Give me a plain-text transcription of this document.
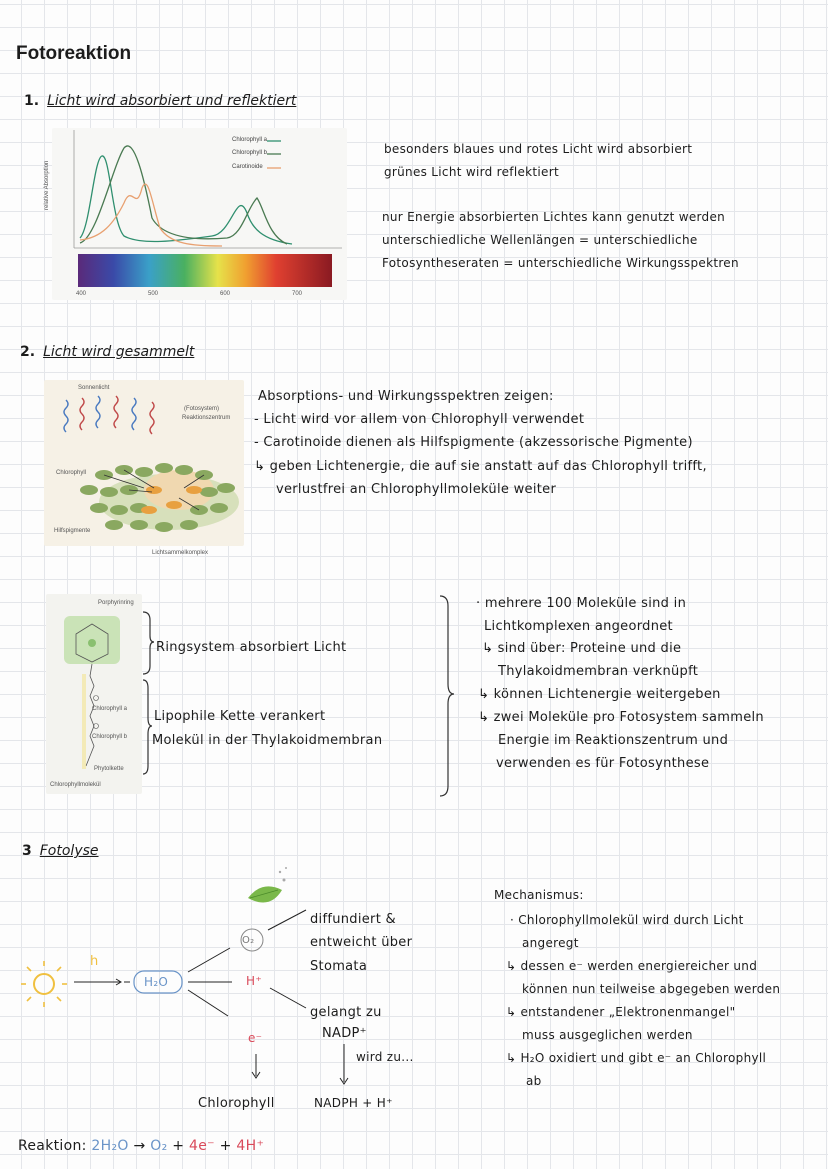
Fotoreaktion
1. Licht wird absorbiert und reflektiert
Chlorophyll a
Chlorophyll b
Carotinoide
relative Absorption
400	500	600	700
besonders blaues und rotes Licht wird absorbiert
grünes Licht wird reflektiert
nur Energie absorbierten Lichtes kann genutzt werden
unterschiedliche Wellenlängen = unterschiedliche
Fotosyntheseraten = unterschiedliche Wirkungsspektren
2. Licht wird gesammelt
Sonnenlicht
(Fotosystem)
Reaktionszentrum
Chlorophyll
Hilfspigmente
Lichtsammelkomplex
Absorptions- und Wirkungsspektren zeigen:
- Licht wird vor allem von Chlorophyll verwendet
- Carotinoide dienen als Hilfspigmente (akzessorische Pigmente)
↳ geben Lichtenergie, die auf sie anstatt auf das Chlorophyll trifft,
verlustfrei an Chlorophyllmoleküle weiter
Porphyrinring
Chlorophyll a
Chlorophyll b
Phytolkette
Chlorophyllmolekül
Ringsystem absorbiert Licht
Lipophile Kette verankert
Molekül in der Thylakoidmembran
· mehrere 100 Moleküle sind in
Lichtkomplexen angeordnet
↳ sind über: Proteine und die
Thylakoidmembran verknüpft
↳ können Lichtenergie weitergeben
↳ zwei Moleküle pro Fotosystem sammeln
Energie im Reaktionszentrum und
verwenden es für Fotosynthese
3 Fotolyse
h
H₂O
O₂
H⁺
e⁻
Chlorophyll
diffundiert &
entweicht über
Stomata
gelangt zu
NADP⁺
wird zu...
NADPH + H⁺
Mechanismus:
· Chlorophyllmolekül wird durch Licht
angeregt
↳ dessen e⁻ werden energiereicher und
können nun teilweise abgegeben werden
↳ entstandener „Elektronenmangel"
muss ausgeglichen werden
↳ H₂O oxidiert und gibt e⁻ an Chlorophyll
ab
Reaktion: 2H₂O → O₂ + 4e⁻ + 4H⁺
